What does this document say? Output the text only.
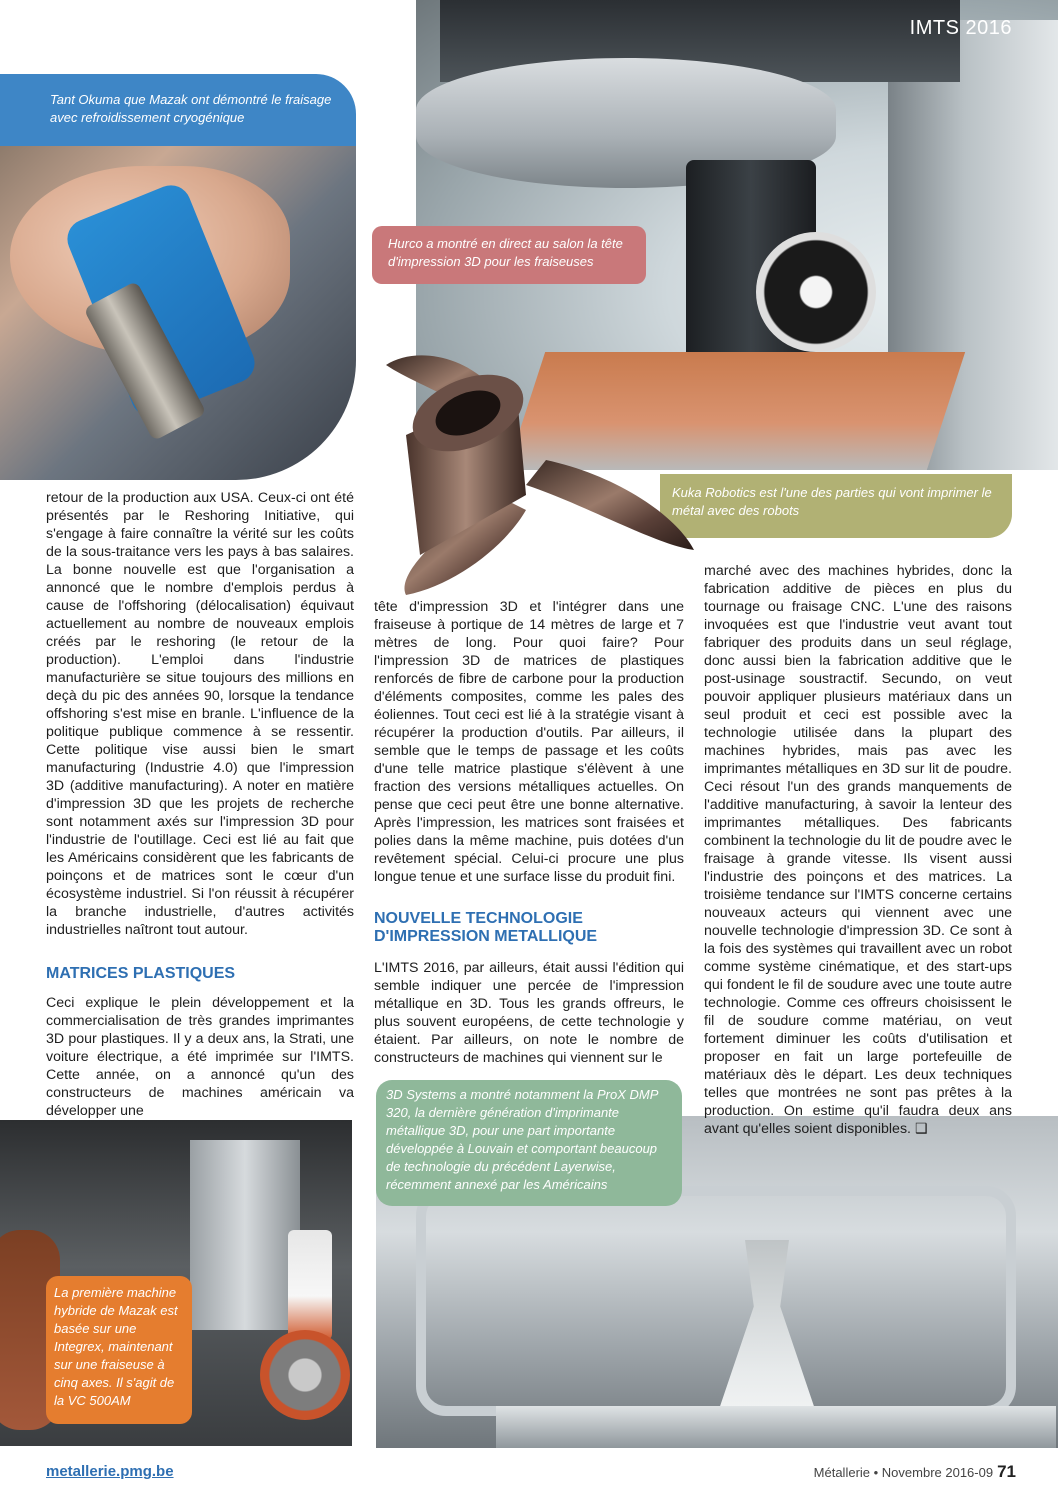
IMTS 2016

Tant Okuma que Mazak ont démontré le fraisage avec refroidissement cryogénique

Hurco a montré en direct au salon la tête d'impression 3D pour les fraiseuses

Kuka Robotics est l'une des parties qui vont imprimer le métal avec des robots

3D Systems a montré notamment la ProX DMP 320, la dernière génération d'imprimante métallique 3D, pour une part importante développée à Louvain et comportant beaucoup de technologie du précédent Layerwise, récemment annexé par les Américains

La première machine hybride de Mazak est basée sur une Integrex, maintenant sur une fraiseuse à cinq axes. Il s'agit de la VC 500AM

retour de la production aux USA. Ceux-ci ont été présentés par le Reshoring Initiative, qui s'engage à faire connaître la vérité sur les coûts de la sous-traitance vers les pays à bas salaires. La bonne nouvelle est que l'organisation a annoncé que le nombre d'emplois perdus à cause de l'offshoring (délocalisation) équivaut actuellement au nombre de nouveaux emplois créés par le reshoring (le retour de la production). L'emploi dans l'industrie manufacturière se situe toujours des millions en deçà du pic des années 90, lorsque la tendance offshoring s'est mise en branle. L'influence de la politique publique commence à se ressentir. Cette politique vise aussi bien le smart manufacturing (Industrie 4.0) que l'impression 3D (additive manufacturing). A noter en matière d'impression 3D que les projets de recherche sont notamment axés sur l'impression 3D pour l'industrie de l'outillage. Ceci est lié au fait que les Américains considèrent que les fabricants de poinçons et de matrices sont le cœur d'un écosystème industriel. Si l'on réussit à récupérer la branche industrielle, d'autres activités industrielles naîtront tout autour.

MATRICES PLASTIQUES

Ceci explique le plein développement et la commercialisation de très grandes imprimantes 3D pour plastiques. Il y a deux ans, la Strati, une voiture électrique, a été imprimée sur l'IMTS. Cette année, on a annoncé qu'un des constructeurs de machines américain va développer une

tête d'impression 3D et l'intégrer dans une fraiseuse à portique de 14 mètres de large et 7 mètres de long. Pour quoi faire? Pour l'impression 3D de matrices de plastiques renforcés de fibre de carbone pour la production d'éléments composites, comme les pales des éoliennes. Tout ceci est lié à la stratégie visant à récupérer la production d'outils. Par ailleurs, il semble que le temps de passage et les coûts d'une telle matrice plastique s'élèvent à une fraction des versions métalliques actuelles. On pense que ceci peut être une bonne alternative. Après l'impression, les matrices sont fraisées et polies dans la même machine, puis dotées d'un revêtement spécial. Celui-ci procure une plus longue tenue et une surface lisse du produit fini.

NOUVELLE TECHNOLOGIE
D'IMPRESSION METALLIQUE

L'IMTS 2016, par ailleurs, était aussi l'édition qui semble indiquer une percée de l'impression métallique en 3D. Tous les grands offreurs, le plus souvent européens, de cette technologie y étaient. Par ailleurs, on note le nombre de constructeurs de machines qui viennent sur le

marché avec des machines hybrides, donc la fabrication additive de pièces en plus du tournage ou fraisage CNC. L'une des raisons invoquées est que l'industrie veut avant tout fabriquer des produits dans un seul réglage, donc aussi bien la fabrication additive que le post-usinage soustractif. Secundo, on veut pouvoir appliquer plusieurs matériaux dans un seul produit et ceci est possible avec la technologie utilisée dans la plupart des machines hybrides, mais pas avec les imprimantes métalliques en 3D sur lit de poudre. Ceci résout l'un des grands manquements de l'additive manufacturing, à savoir la lenteur des imprimantes métalliques. Des fabricants combinent la technologie du lit de poudre avec le fraisage à grande vitesse. Ils visent aussi l'industrie des poinçons et des matrices. La troisième tendance sur l'IMTS concerne certains nouveaux acteurs qui viennent avec une nouvelle technologie d'impression 3D. Ce sont à la fois des systèmes qui travaillent avec un robot comme système cinématique, et des start-ups qui fondent le fil de soudure avec une toute autre technologie. Comme ces offreurs choisissent le fil de soudure comme matériau, on veut fortement diminuer les coûts d'utilisation et proposer en fait un large portefeuille de matériaux dès le départ. Les deux techniques telles que montrées ne sont pas prêtes à la production. On estime qu'il faudra deux ans avant qu'elles soient disponibles. ❑

metallerie.pmg.be	Métallerie • Novembre 2016-09 71
